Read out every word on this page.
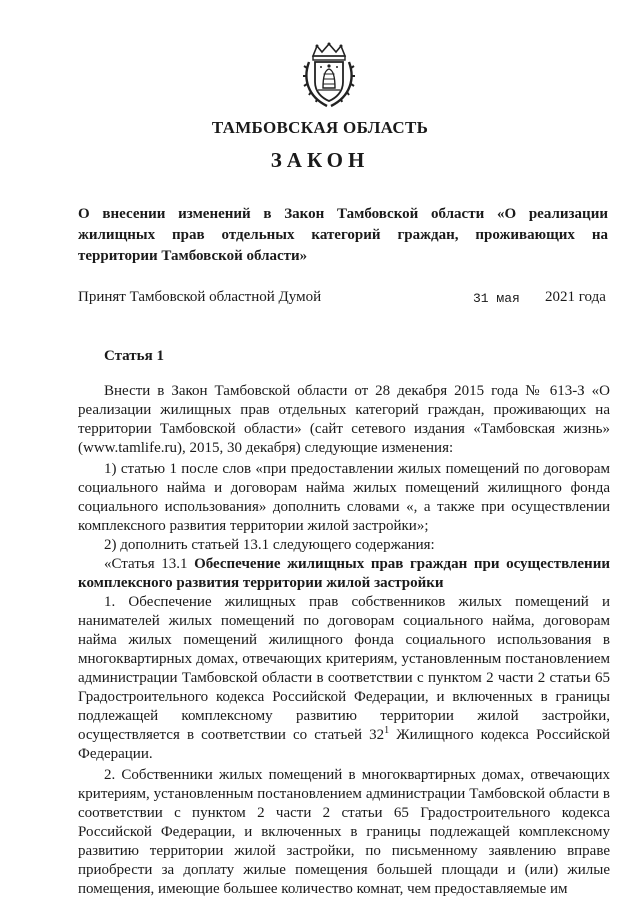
ТАМБОВСКАЯ ОБЛАСТЬ
ЗАКОН
О внесении изменений в Закон Тамбовской области «О реализации жилищных прав отдельных категорий граждан, проживающих на территории Тамбовской области»
Принят Тамбовской областной Думой	31 мая 2021 года
Статья 1

Внести в Закон Тамбовской области от 28 декабря 2015 года № 613-З «О реализации жилищных прав отдельных категорий граждан, проживающих на территории Тамбовской области» (сайт сетевого издания «Тамбовская жизнь» (www.tamlife.ru), 2015, 30 декабря) следующие изменения:

1) статью 1 после слов «при предоставлении жилых помещений по договорам социального найма и договорам найма жилых помещений жилищного фонда социального использования» дополнить словами «, а также при осуществлении комплексного развития территории жилой застройки»;

2) дополнить статьей 13.1 следующего содержания:

«Статья 13.1 Обеспечение жилищных прав граждан при осуществлении комплексного развития территории жилой застройки

1. Обеспечение жилищных прав собственников жилых помещений и нанимателей жилых помещений по договорам социального найма, договорам найма жилых помещений жилищного фонда социального использования в многоквартирных домах, отвечающих критериям, установленным постановлением администрации Тамбовской области в соответствии с пунктом 2 части 2 статьи 65 Градостроительного кодекса Российской Федерации, и включенных в границы подлежащей комплексному развитию территории жилой застройки, осуществляется в соответствии со статьей $32^1$ Жилищного кодекса Российской Федерации.

2. Собственники жилых помещений в многоквартирных домах, отвечающих критериям, установленным постановлением администрации Тамбовской области в соответствии с пунктом 2 части 2 статьи 65 Градостроительного кодекса Российской Федерации, и включенных в границы подлежащей комплексному развитию территории жилой застройки, по письменному заявлению вправе приобрести за доплату жилые помещения большей площади и (или) жилые помещения, имеющие большее количество комнат, чем предоставляемые им
